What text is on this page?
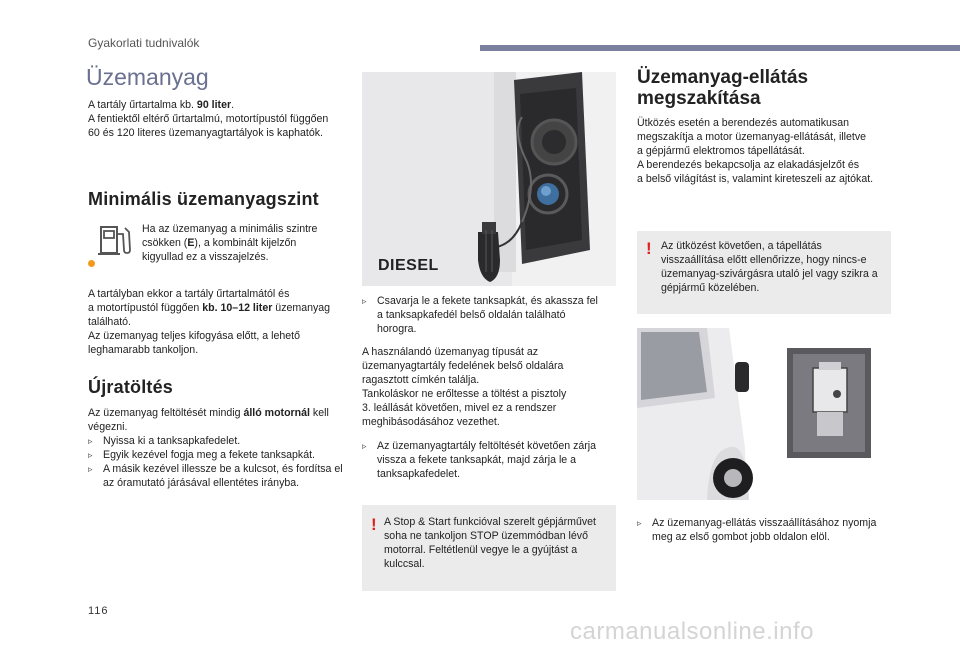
Gyakorlati tudnivalók
Üzemanyag
A tartály űrtartalma kb. 90 liter.
A fentiektől eltérő űrtartalmú, motortípustól függően
60 és 120 literes üzemanyagtartályok is kaphatók.
Minimális üzemanyagszint
Ha az üzemanyag a minimális szintre
csökken (E), a kombinált kijelzőn
kigyullad ez a visszajelzés.
A tartályban ekkor a tartály űrtartalmától és
a motortípustól függően kb. 10–12 liter üzemanyag
található.
Az üzemanyag teljes kifogyása előtt, a lehető
leghamarabb tankoljon.
Újratöltés
Az üzemanyag feltöltését mindig álló motornál kell
végezni.
▹ Nyissa ki a tanksapkafedelet.
▹ Egyik kezével fogja meg a fekete tanksapkát.
▹ A másik kezével illessze be a kulcsot, és fordítsa el az óramutató járásával ellentétes irányba.
DIESEL
▹ Csavarja le a fekete tanksapkát, és akassza fel a tanksapkafedél belső oldalán található horogra.
A használandó üzemanyag típusát az
üzemanyagtartály fedelének belső oldalára
ragasztott címkén találja.
Tankoláskor ne erőltesse a töltést a pisztoly
3. leállását követően, mivel ez a rendszer
meghibásodásához vezethet.
▹ Az üzemanyagtartály feltöltését követően zárja vissza a fekete tanksapkát, majd zárja le a tanksapkafedelet.
! A Stop & Start funkcióval szerelt gépjárművet soha ne tankoljon STOP üzemmódban lévő motorral. Feltétlenül vegye le a gyújtást a kulccsal.
Üzemanyag-ellátás
megszakítása
Ütközés esetén a berendezés automatikusan
megszakítja a motor üzemanyag-ellátását, illetve
a gépjármű elektromos tápellátását.
A berendezés bekapcsolja az elakadásjelzőt és
a belső világítást is, valamint kireteszeli az ajtókat.
! Az ütközést követően, a tápellátás visszaállítása előtt ellenőrizze, hogy nincs-e üzemanyag-szivárgásra utaló jel vagy szikra a gépjármű közelében.
▹ Az üzemanyag-ellátás visszaállításához nyomja meg az első gombot jobb oldalon elöl.
116
carmanualsonline.info
